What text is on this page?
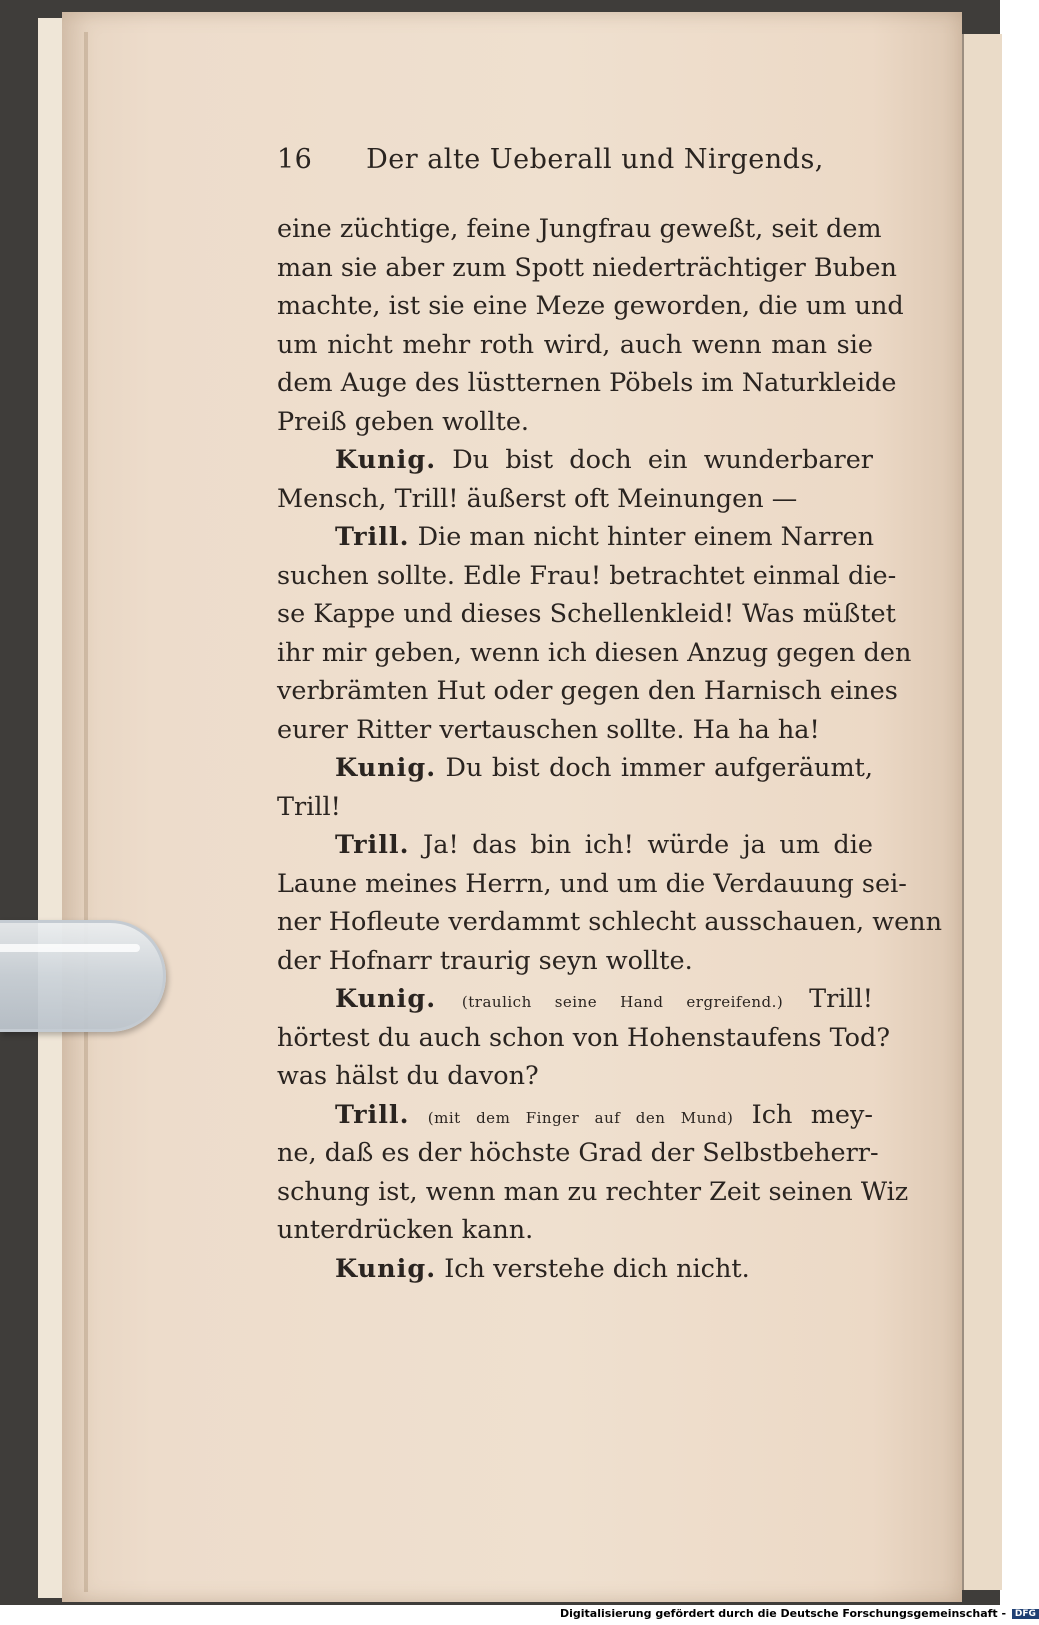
16 Der alte Ueberall und Nirgends,
eine züchtige, feine Jungfrau geweßt, seit dem
man sie aber zum Spott niederträchtiger Buben
machte, ist sie eine Meze geworden, die um und
um nicht mehr roth wird, auch wenn man sie
dem Auge des lüstternen Pöbels im Naturkleide
Preiß geben wollte.
Kunig. Du bist doch ein wunderbarer
Mensch, Trill! äußerst oft Meinungen —
Trill. Die man nicht hinter einem Narren
suchen sollte. Edle Frau! betrachtet einmal die-
se Kappe und dieses Schellenkleid! Was müßtet
ihr mir geben, wenn ich diesen Anzug gegen den
verbrämten Hut oder gegen den Harnisch eines
eurer Ritter vertauschen sollte. Ha ha ha!
Kunig. Du bist doch immer aufgeräumt,
Trill!
Trill. Ja! das bin ich! würde ja um die
Laune meines Herrn, und um die Verdauung sei-
ner Hofleute verdammt schlecht ausschauen, wenn
der Hofnarr traurig seyn wollte.
Kunig. (traulich seine Hand ergreifend.) Trill!
hörtest du auch schon von Hohenstaufens Tod?
was hälst du davon?
Trill. (mit dem Finger auf den Mund) Ich mey-
ne, daß es der höchste Grad der Selbstbeherr-
schung ist, wenn man zu rechter Zeit seinen Wiz
unterdrücken kann.
Kunig. Ich verstehe dich nicht.
Digitalisierung gefördert durch die Deutsche Forschungsgemeinschaft - DFG
